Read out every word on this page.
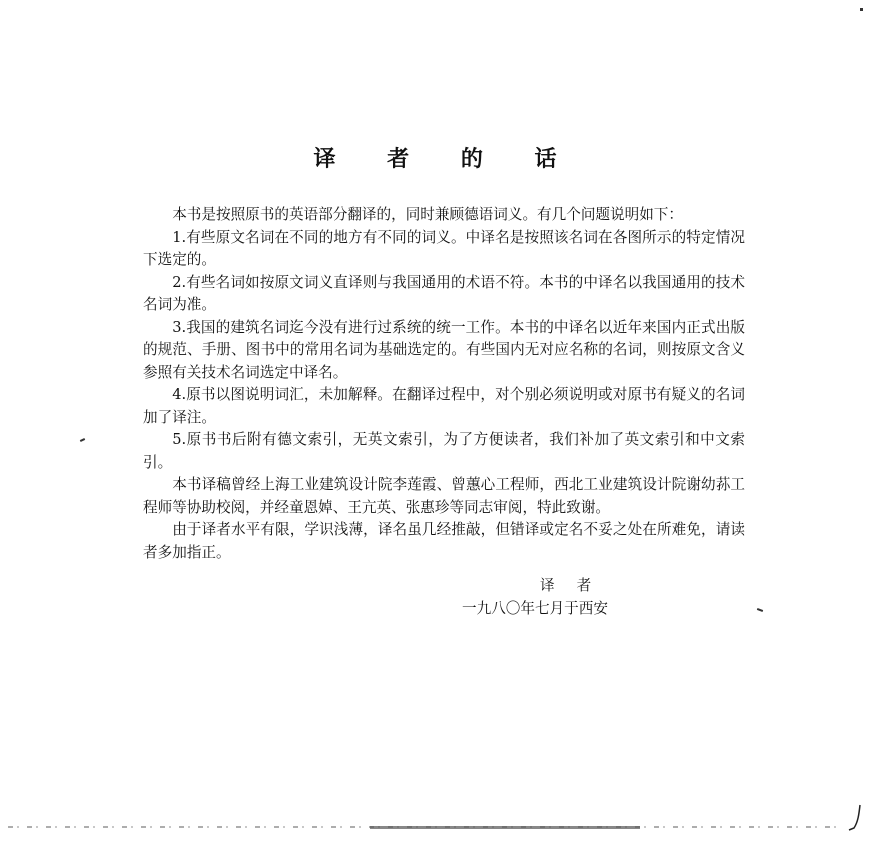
译 者 的 话

本书是按照原书的英语部分翻译的，同时兼顾德语词义。有几个问题说明如下：

1.有些原文名词在不同的地方有不同的词义。中译名是按照该名词在各图所示的特定情况下选定的。

2.有些名词如按原文词义直译则与我国通用的术语不符。本书的中译名以我国通用的技术名词为准。

3.我国的建筑名词迄今没有进行过系统的统一工作。本书的中译名以近年来国内正式出版的规范、手册、图书中的常用名词为基础选定的。有些国内无对应名称的名词，则按原文含义参照有关技术名词选定中译名。

4.原书以图说明词汇，未加解释。在翻译过程中，对个别必须说明或对原书有疑义的名词加了译注。

5.原书书后附有德文索引，无英文索引，为了方便读者，我们补加了英文索引和中文索引。

本书译稿曾经上海工业建筑设计院李莲霞、曾蕙心工程师，西北工业建筑设计院谢幼荪工程师等协助校阅，并经童恩婥、王亢英、张惠珍等同志审阅，特此致谢。

由于译者水平有限，学识浅薄，译名虽几经推敲，但错译或定名不妥之处在所难免，请读者多加指正。

译者
一九八〇年七月于西安
